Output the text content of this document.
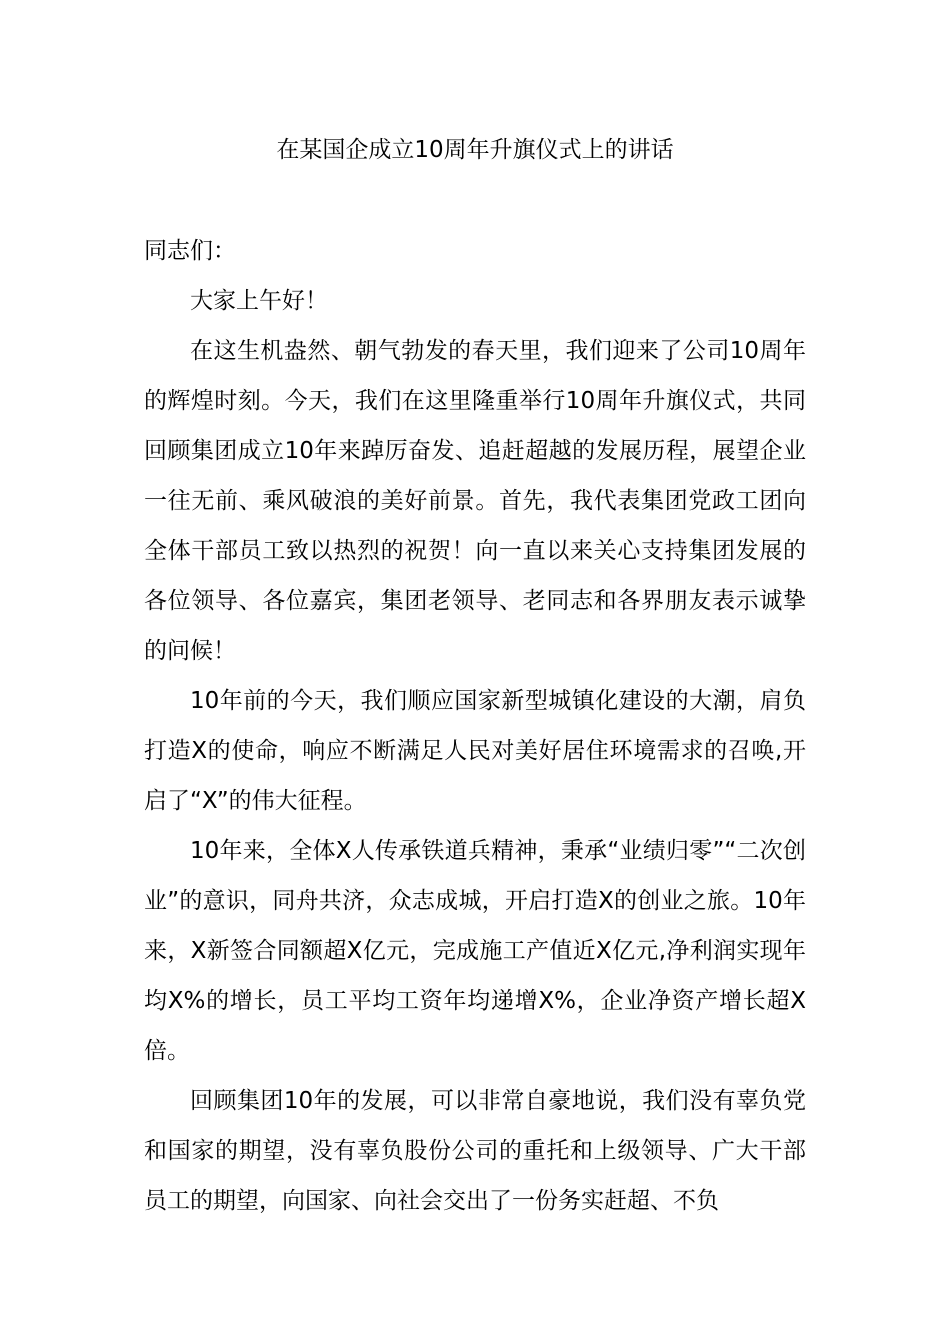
在某国企成立10周年升旗仪式上的讲话

同志们：

大家上午好！

在这生机盎然、朝气勃发的春天里，我们迎来了公司10周年的辉煌时刻。今天，我们在这里隆重举行10周年升旗仪式，共同回顾集团成立10年来踔厉奋发、追赶超越的发展历程，展望企业一往无前、乘风破浪的美好前景。首先，我代表集团党政工团向全体干部员工致以热烈的祝贺！向一直以来关心支持集团发展的各位领导、各位嘉宾，集团老领导、老同志和各界朋友表示诚挚的问候！

10年前的今天，我们顺应国家新型城镇化建设的大潮，肩负打造X的使命，响应不断满足人民对美好居住环境需求的召唤,开启了“X”的伟大征程。

10年来，全体X人传承铁道兵精神，秉承“业绩归零”“二次创业”的意识，同舟共济，众志成城，开启打造X的创业之旅。10年来，X新签合同额超X亿元，完成施工产值近X亿元,净利润实现年均X%的增长，员工平均工资年均递增X%，企业净资产增长超X倍。

回顾集团10年的发展，可以非常自豪地说，我们没有辜负党和国家的期望，没有辜负股份公司的重托和上级领导、广大干部员工的期望，向国家、向社会交出了一份务实赶超、不负
